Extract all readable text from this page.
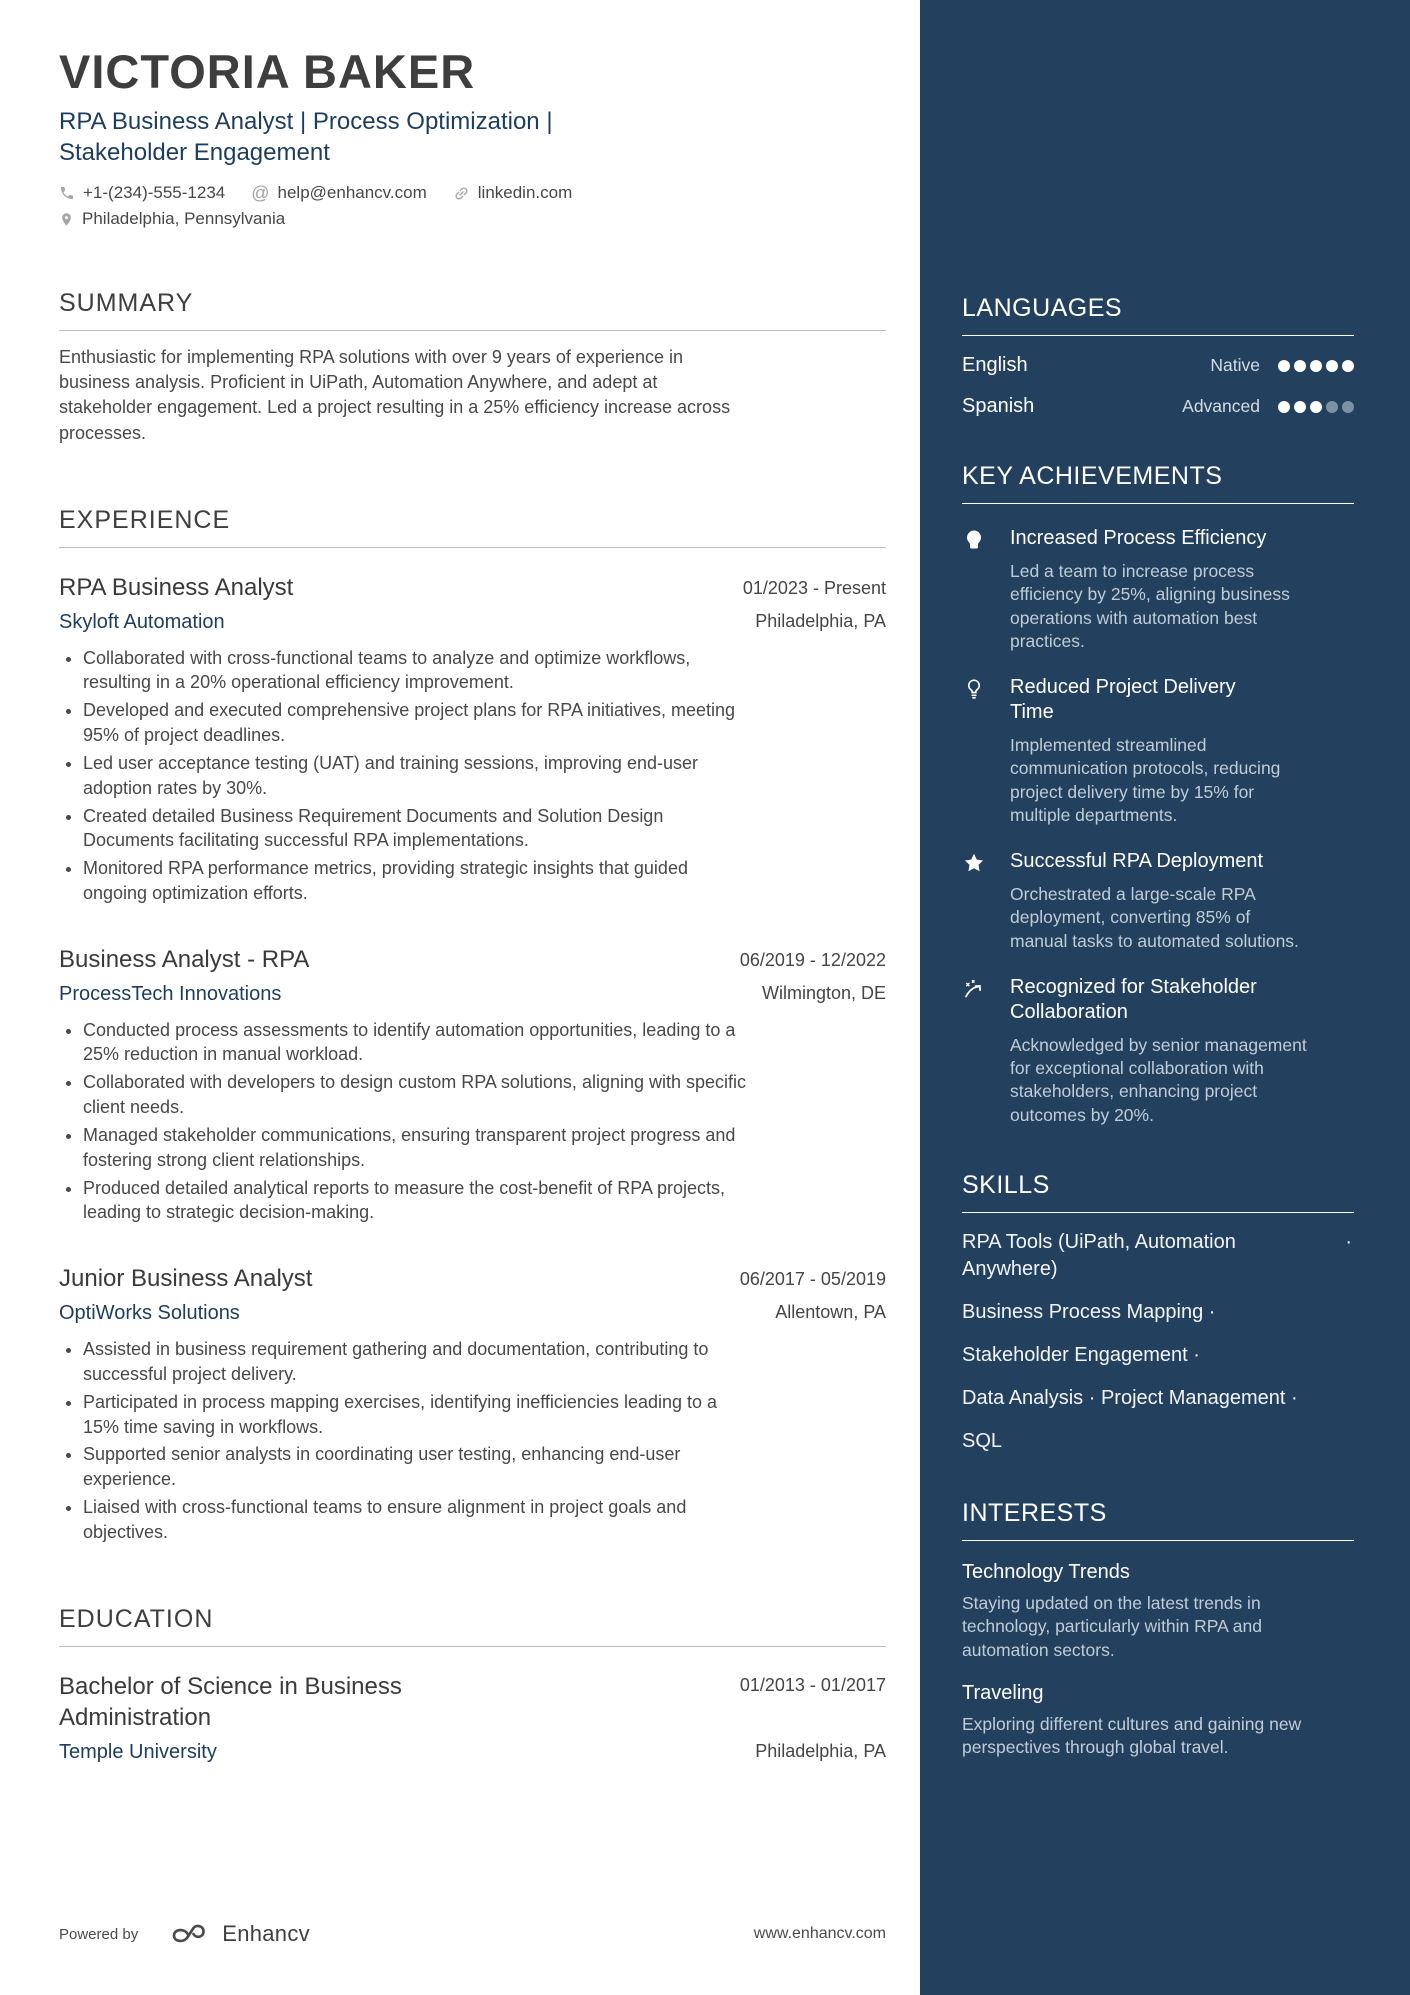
VICTORIA BAKER
RPA Business Analyst | Process Optimization | Stakeholder Engagement
+1-(234)-555-1234 @ help@enhancv.com	linkedin.com
Philadelphia, Pennsylvania
SUMMARY

Enthusiastic for implementing RPA solutions with over 9 years of experience in business analysis. Proficient in UiPath, Automation Anywhere, and adept at stakeholder engagement. Led a project resulting in a 25% efficiency increase across processes.

EXPERIENCE
RPA Business Analyst	01/2023 - Present
Skyloft Automation	Philadelphia, PA
• Collaborated with cross-functional teams to analyze and optimize workflows, resulting in a 20% operational efficiency improvement.
• Developed and executed comprehensive project plans for RPA initiatives, meeting 95% of project deadlines.
• Led user acceptance testing (UAT) and training sessions, improving end-user adoption rates by 30%.
• Created detailed Business Requirement Documents and Solution Design Documents facilitating successful RPA implementations.
• Monitored RPA performance metrics, providing strategic insights that guided ongoing optimization efforts.
Business Analyst - RPA	06/2019 - 12/2022
ProcessTech Innovations	Wilmington, DE
• Conducted process assessments to identify automation opportunities, leading to a 25% reduction in manual workload.
• Collaborated with developers to design custom RPA solutions, aligning with specific client needs.
• Managed stakeholder communications, ensuring transparent project progress and fostering strong client relationships.
• Produced detailed analytical reports to measure the cost-benefit of RPA projects, leading to strategic decision-making.
Junior Business Analyst	06/2017 - 05/2019
OptiWorks Solutions	Allentown, PA
• Assisted in business requirement gathering and documentation, contributing to successful project delivery.
• Participated in process mapping exercises, identifying inefficiencies leading to a 15% time saving in workflows.
• Supported senior analysts in coordinating user testing, enhancing end-user experience.
• Liaised with cross-functional teams to ensure alignment in project goals and objectives.
EDUCATION
Bachelor of Science in Business Administration
01/2013 - 01/2017
Temple University	Philadelphia, PA
Powered by	Enhancv	www.enhancv.com
LANGUAGES
English	Native
Spanish	Advanced
KEY ACHIEVEMENTS
Increased Process Efficiency
Led a team to increase process efficiency by 25%, aligning business operations with automation best practices.
Reduced Project Delivery Time
Implemented streamlined communication protocols, reducing project delivery time by 15% for multiple departments.
Successful RPA Deployment
Orchestrated a large-scale RPA deployment, converting 85% of manual tasks to automated solutions.
Recognized for Stakeholder Collaboration
Acknowledged by senior management for exceptional collaboration with stakeholders, enhancing project outcomes by 20%.
SKILLS
RPA Tools (UiPath, Automation Anywhere)
·
Business Process Mapping ·
Stakeholder Engagement ·
Data Analysis · Project Management ·
SQL
INTERESTS
Technology Trends
Staying updated on the latest trends in technology, particularly within RPA and automation sectors.
Traveling
Exploring different cultures and gaining new perspectives through global travel.
